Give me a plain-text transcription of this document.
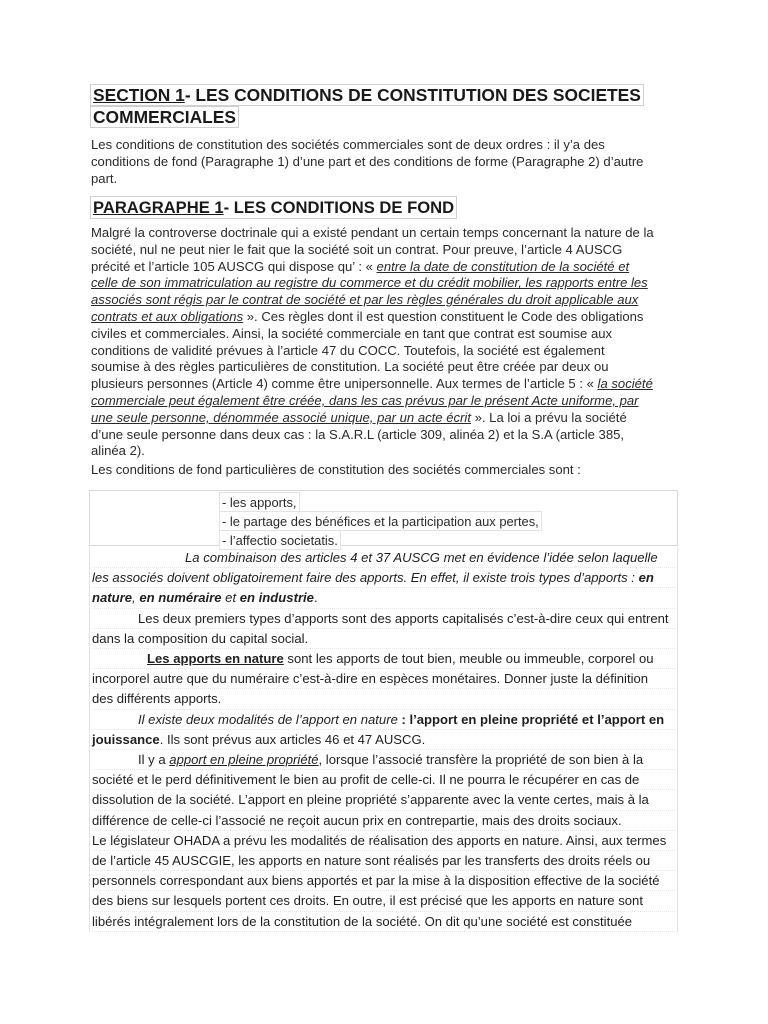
SECTION 1- LES CONDITIONS DE CONSTITUTION DES SOCIETES
COMMERCIALES
Les conditions de constitution des sociétés commerciales sont de deux ordres : il y’a des
conditions de fond (Paragraphe 1) d’une part et des conditions de forme (Paragraphe 2) d’autre
part.
PARAGRAPHE 1- LES CONDITIONS DE FOND
Malgré la controverse doctrinale qui a existé pendant un certain temps concernant la nature de la
société, nul ne peut nier le fait que la société soit un contrat. Pour preuve, l’article 4 AUSCG
précité et l’article 105 AUSCG qui dispose qu’ : « entre la date de constitution de la société et
celle de son immatriculation au registre du commerce et du crédit mobilier, les rapports entre les
associés sont régis par le contrat de société et par les règles générales du droit applicable aux
contrats et aux obligations ». Ces règles dont il est question constituent le Code des obligations
civiles et commerciales. Ainsi, la société commerciale en tant que contrat est soumise aux
conditions de validité prévues à l’article 47 du COCC. Toutefois, la société est également
soumise à des règles particulières de constitution. La société peut être créée par deux ou
plusieurs personnes (Article 4) comme être unipersonnelle. Aux termes de l’article 5 : « la société
commerciale peut également être créée, dans les cas prévus par le présent Acte uniforme, par
une seule personne, dénommée associé unique, par un acte écrit ». La loi a prévu la société
d’une seule personne dans deux cas : la S.A.R.L (article 309, alinéa 2) et la S.A (article 385,
alinéa 2).
Les conditions de fond particulières de constitution des sociétés commerciales sont :
- les apports,
- le partage des bénéfices et la participation aux pertes,
- l’affectio societatis.
La combinaison des articles 4 et 37 AUSCG met en évidence l’idée selon laquelle
les associés doivent obligatoirement faire des apports. En effet, il existe trois types d’apports : en
nature, en numéraire et en industrie.
Les deux premiers types d’apports sont des apports capitalisés c’est-à-dire ceux qui entrent
dans la composition du capital social.
Les apports en nature sont les apports de tout bien, meuble ou immeuble, corporel ou
incorporel autre que du numéraire c’est-à-dire en espèces monétaires. Donner juste la définition
des différents apports.
Il existe deux modalités de l’apport en nature : l’apport en pleine propriété et l’apport en
jouissance. Ils sont prévus aux articles 46 et 47 AUSCG.
Il y a apport en pleine propriété, lorsque l’associé transfère la propriété de son bien à la
société et le perd définitivement le bien au profit de celle-ci. Il ne pourra le récupérer en cas de
dissolution de la société. L’apport en pleine propriété s’apparente avec la vente certes, mais à la
différence de celle-ci l’associé ne reçoit aucun prix en contrepartie, mais des droits sociaux.
Le législateur OHADA a prévu les modalités de réalisation des apports en nature. Ainsi, aux termes
de l’article 45 AUSCGIE, les apports en nature sont réalisés par les transferts des droits réels ou
personnels correspondant aux biens apportés et par la mise à la disposition effective de la société
des biens sur lesquels portent ces droits. En outre, il est précisé que les apports en nature sont
libérés intégralement lors de la constitution de la société. On dit qu’une société est constituée
